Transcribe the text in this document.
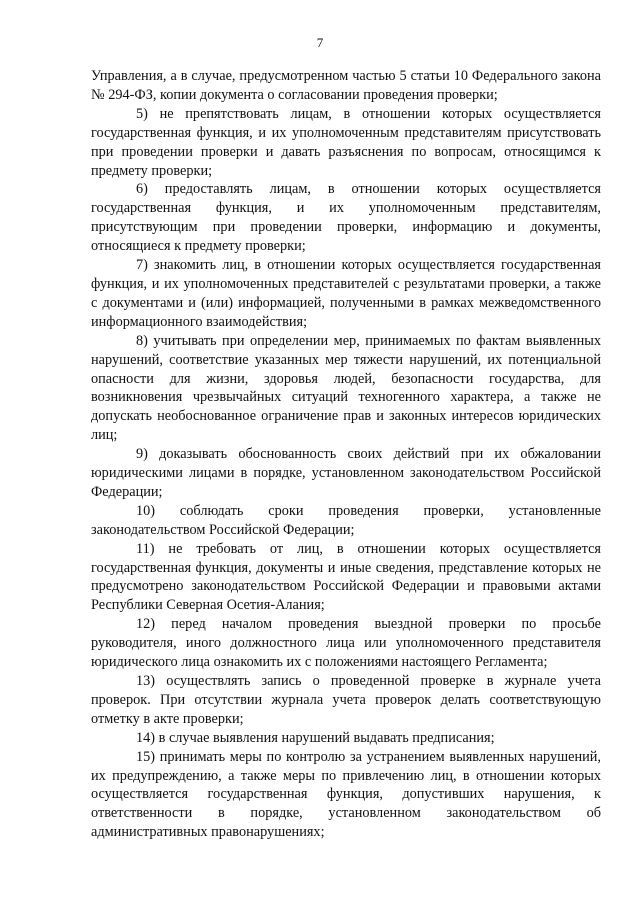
7

Управления, а в случае, предусмотренном частью 5 статьи 10 Федерального закона № 294-ФЗ, копии документа о согласовании проведения проверки;

5) не препятствовать лицам, в отношении которых осуществляется государственная функция, и их уполномоченным представителям присутствовать при проведении проверки и давать разъяснения по вопросам, относящимся к предмету проверки;

6) предоставлять лицам, в отношении которых осуществляется государственная функция, и их уполномоченным представителям, присутствующим при проведении проверки, информацию и документы, относящиеся к предмету проверки;

7) знакомить лиц, в отношении которых осуществляется государственная функция, и их уполномоченных представителей с результатами проверки, а также с документами и (или) информацией, полученными в рамках межведомственного информационного взаимодействия;

8) учитывать при определении мер, принимаемых по фактам выявленных нарушений, соответствие указанных мер тяжести нарушений, их потенциальной опасности для жизни, здоровья людей, безопасности государства, для возникновения чрезвычайных ситуаций техногенного характера, а также не допускать необоснованное ограничение прав и законных интересов юридических лиц;

9) доказывать обоснованность своих действий при их обжаловании юридическими лицами в порядке, установленном законодательством Российской Федерации;

10) соблюдать сроки проведения проверки, установленные законодательством Российской Федерации;

11) не требовать от лиц, в отношении которых осуществляется государственная функция, документы и иные сведения, представление которых не предусмотрено законодательством Российской Федерации и правовыми актами Республики Северная Осетия-Алания;

12) перед началом проведения выездной проверки по просьбе руководителя, иного должностного лица или уполномоченного представителя юридического лица ознакомить их с положениями настоящего Регламента;

13) осуществлять запись о проведенной проверке в журнале учета проверок. При отсутствии журнала учета проверок делать соответствующую отметку в акте проверки;

14) в случае выявления нарушений выдавать предписания;

15) принимать меры по контролю за устранением выявленных нарушений, их предупреждению, а также меры по привлечению лиц, в отношении которых осуществляется государственная функция, допустивших нарушения, к ответственности в порядке, установленном законодательством об административных правонарушениях;
